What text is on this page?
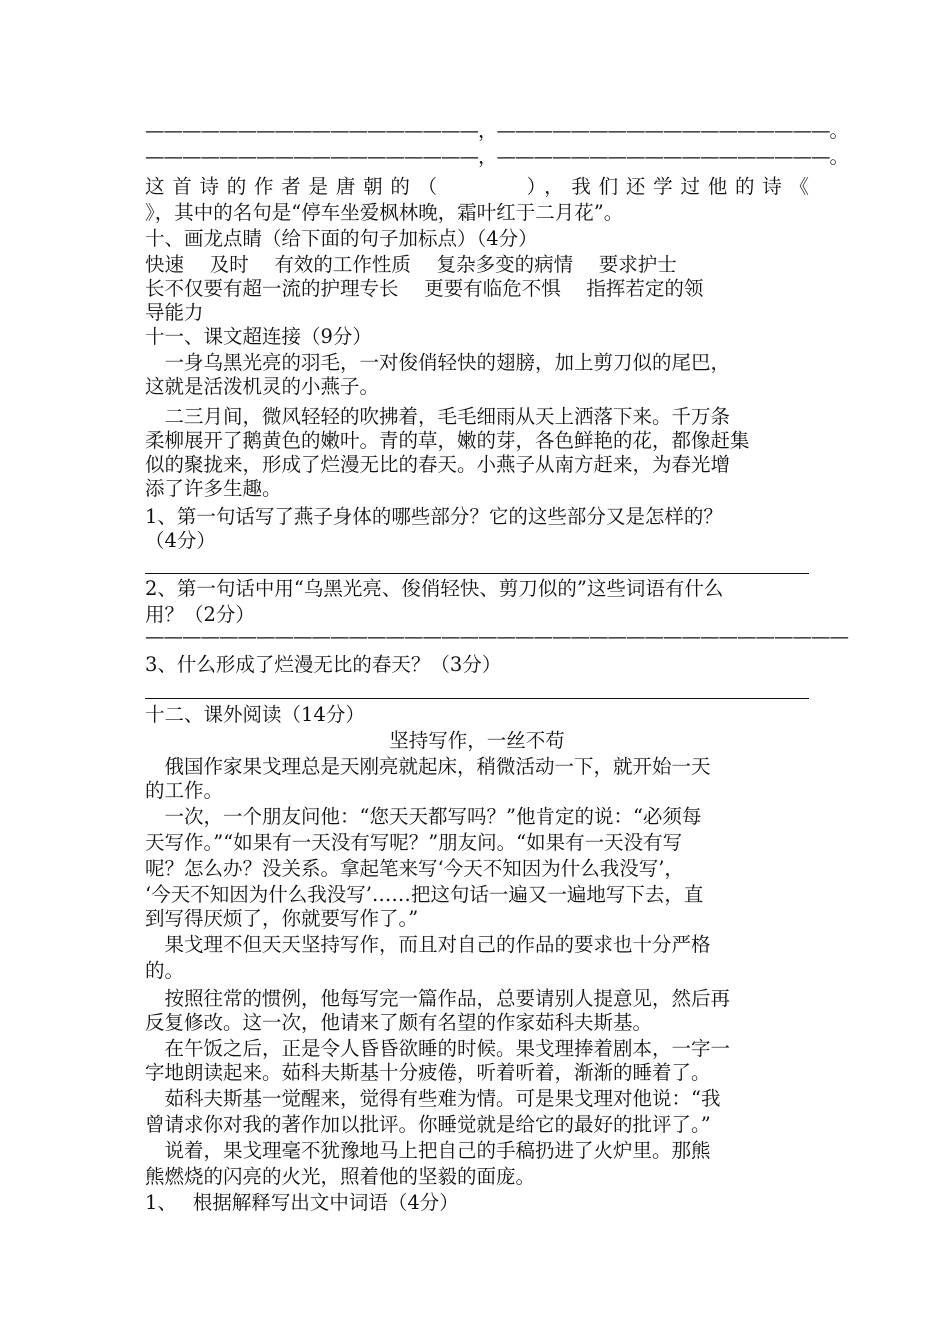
——————————————————，——————————————————。
——————————————————，——————————————————。
这首诗的作者是唐朝的（　　　），我们还学过他的诗《
》，其中的名句是“停车坐爱枫林晚，霜叶红于二月花”。
十、画龙点睛（给下面的句子加标点）（4分）
快速　 及时　 有效的工作性质　 复杂多变的病情　 要求护士
长不仅要有超一流的护理专长　 更要有临危不惧　 指挥若定的领
导能力
十一、课文超连接（9分）
　一身乌黑光亮的羽毛，一对俊俏轻快的翅膀，加上剪刀似的尾巴，
这就是活泼机灵的小燕子。
　二三月间，微风轻轻的吹拂着，毛毛细雨从天上洒落下来。千万条
柔柳展开了鹅黄色的嫩叶。青的草，嫩的芽，各色鲜艳的花，都像赶集
似的聚拢来，形成了烂漫无比的春天。小燕子从南方赶来，为春光增
添了许多生趣。
1、第一句话写了燕子身体的哪些部分？它的这些部分又是怎样的？
（4分）
2、第一句话中用“乌黑光亮、俊俏轻快、剪刀似的”这些词语有什么
用？（2分）
——————————————————————————————————————
3、什么形成了烂漫无比的春天？（3分）
十二、课外阅读（14分）
坚持写作，一丝不苟
　俄国作家果戈理总是天刚亮就起床，稍微活动一下，就开始一天
的工作。
　一次，一个朋友问他：“您天天都写吗？”他肯定的说：“必须每
天写作。”“如果有一天没有写呢？”朋友问。“如果有一天没有写
呢？怎么办？没关系。拿起笔来写‘今天不知因为什么我没写’，
‘今天不知因为什么我没写’……把这句话一遍又一遍地写下去，直
到写得厌烦了，你就要写作了。”
　果戈理不但天天坚持写作，而且对自己的作品的要求也十分严格
的。
　按照往常的惯例，他每写完一篇作品，总要请别人提意见，然后再
反复修改。这一次，他请来了颇有名望的作家茹科夫斯基。
　在午饭之后，正是令人昏昏欲睡的时候。果戈理捧着剧本，一字一
字地朗读起来。茹科夫斯基十分疲倦，听着听着，渐渐的睡着了。
　茹科夫斯基一觉醒来，觉得有些难为情。可是果戈理对他说：“我
曾请求你对我的著作加以批评。你睡觉就是给它的最好的批评了。”
　说着，果戈理毫不犹豫地马上把自己的手稿扔进了火炉里。那熊
熊燃烧的闪亮的火光，照着他的坚毅的面庞。
1、　 根据解释写出文中词语（4分）
